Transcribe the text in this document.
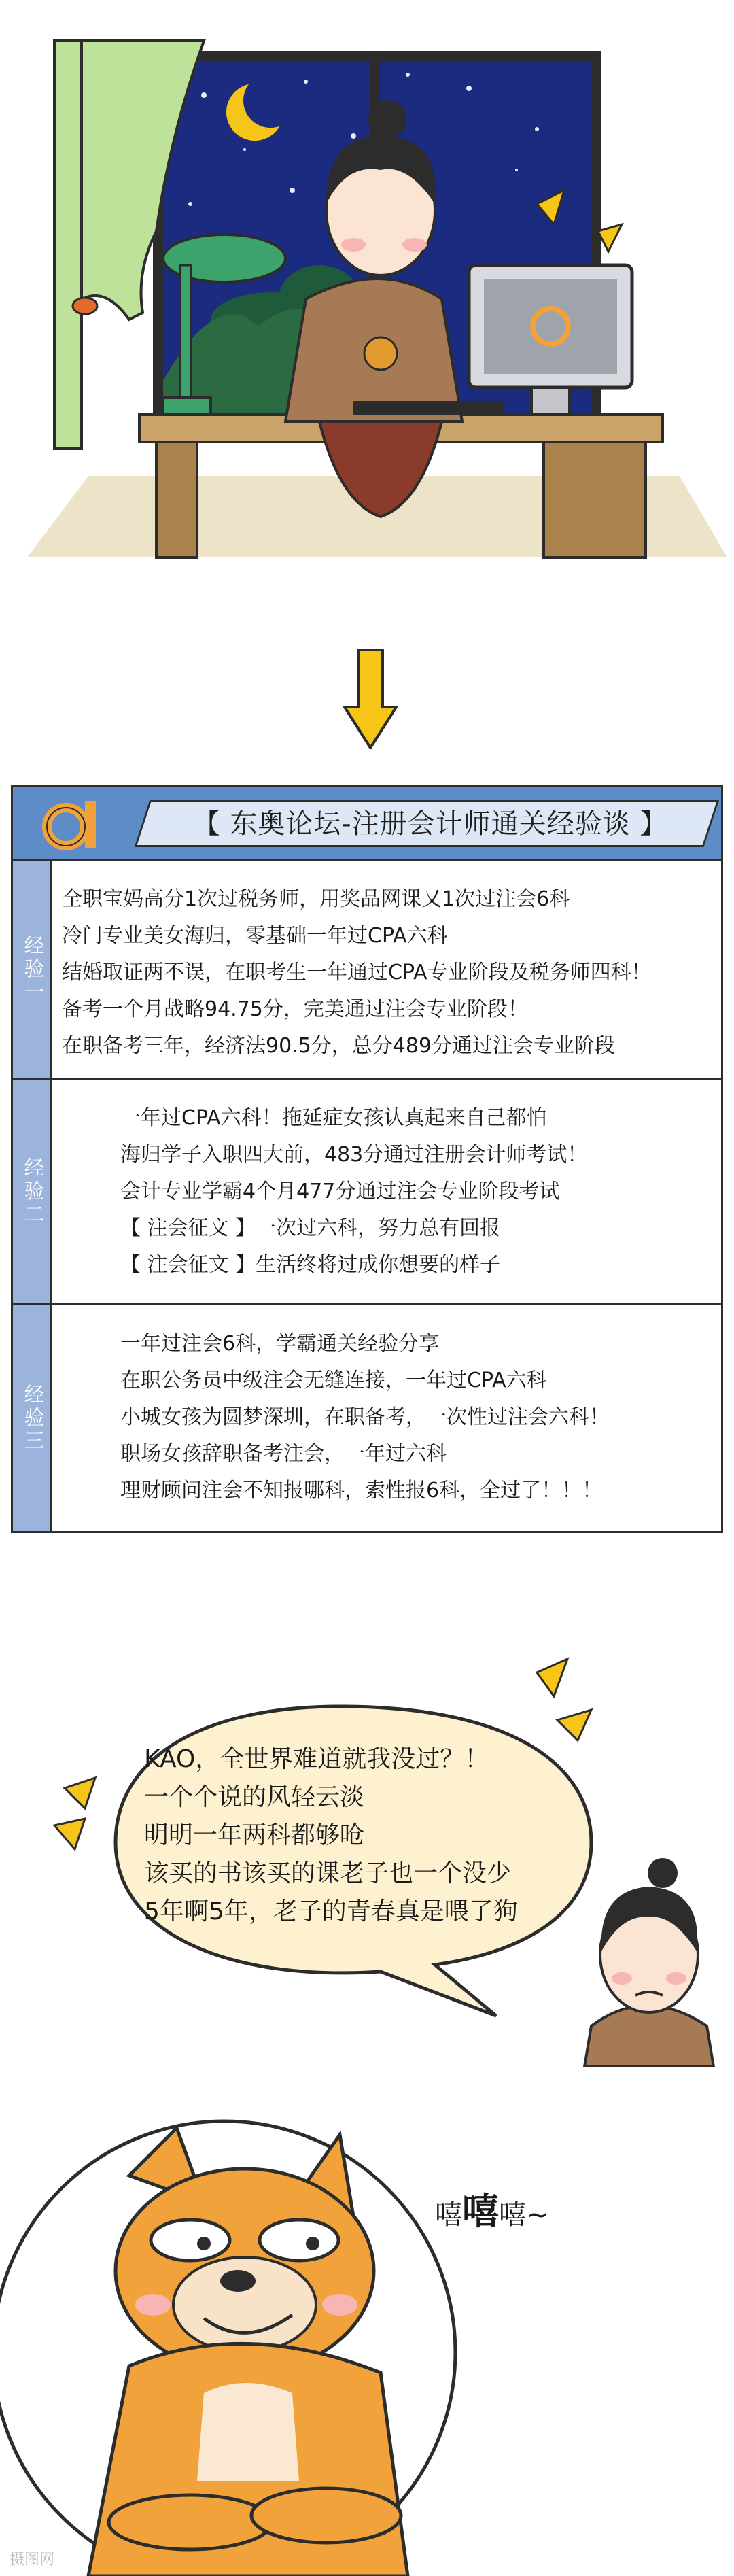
【 东奥论坛-注册会计师通关经验谈 】
经验一
全职宝妈高分1次过税务师，用奖品网课又1次过注会6科
冷门专业美女海归，零基础一年过CPA六科
结婚取证两不误，在职考生一年通过CPA专业阶段及税务师四科！
备考一个月战略94.75分，完美通过注会专业阶段！
在职备考三年，经济法90.5分，总分489分通过注会专业阶段
经验二
一年过CPA六科！拖延症女孩认真起来自己都怕
海归学子入职四大前，483分通过注册会计师考试！
会计专业学霸4个月477分通过注会专业阶段考试
【 注会征文 】一次过六科，努力总有回报
【 注会征文 】生活终将过成你想要的样子
经验三
一年过注会6科，学霸通关经验分享
在职公务员中级注会无缝连接，一年过CPA六科
小城女孩为圆梦深圳，在职备考，一次性过注会六科！
职场女孩辞职备考注会，一年过六科
理财顾问注会不知报哪科，索性报6科，全过了！！！
KAO，全世界难道就我没过？！
一个个说的风轻云淡
明明一年两科都够呛
该买的书该买的课老子也一个没少
5年啊5年，老子的青春真是喂了狗
嘻嘻嘻~
摄图网
